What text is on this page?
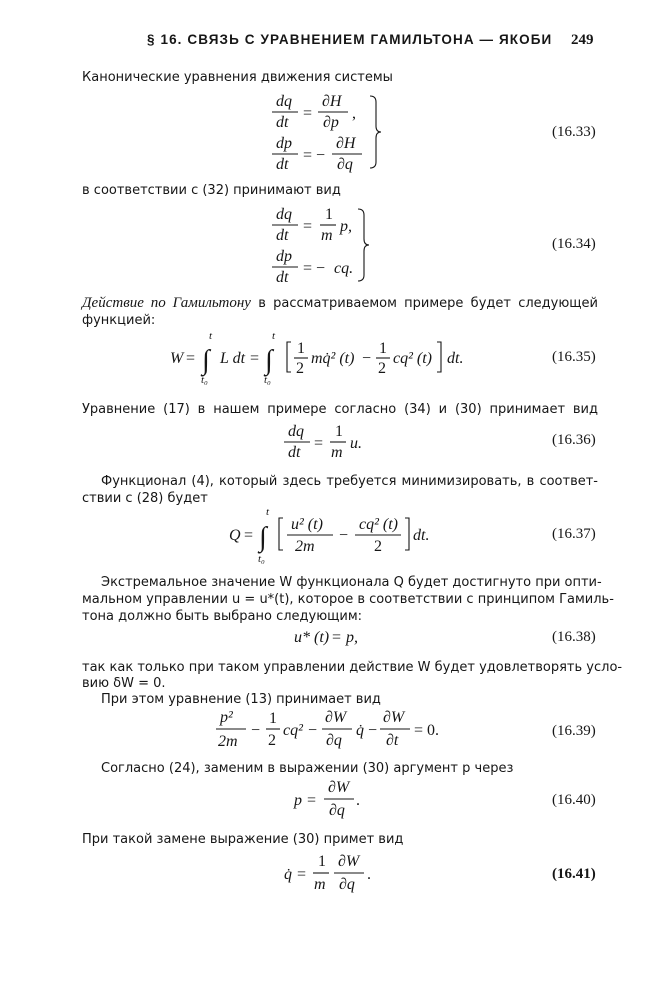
§ 16. СВЯЗЬ С УРАВНЕНИЕМ ГАМИЛЬТОНА — ЯКОБИ 249
Канонические уравнения движения системы
dq
dt
=
∂H
∂p
,
dp
dt
= −
∂H
∂q
(16.33)
в соответствии с (32) принимают вид
dq
dt
=
1
m
p,
dp
dt
= − cq.
(16.34)
Действие по Гамильтону в рассматриваемом примере будет следующей
функцией:
W = ∫
t
t₀
L dt = ∫
t
t₀
1
2
mq̇² (t) −
1
2
cq² (t) dt.	(16.35)
Уравнение (17) в нашем примере согласно (34) и (30) принимает вид
dq
dt
=
1
m
u.	(16.36)
Функционал (4), который здесь требуется минимизировать, в соответ-
ствии с (28) будет
Q = ∫
t
t₀
u² (t)
2m
−
cq² (t)
2
dt.	(16.37)
Экстремальное значение W функционала Q будет достигнуто при опти-
мальном управлении u = u*(t), которое в соответствии с принципом Гамиль-
тона должно быть выбрано следующим:
u* (t) = p,	(16.38)
так как только при таком управлении действие W будет удовлетворять усло-
вию δW = 0.
При этом уравнение (13) принимает вид
p²
2m
−
1
2
cq² −
∂W
∂q
q̇ −
∂W
∂t
= 0.	(16.39)
Согласно (24), заменим в выражении (30) аргумент p через
p =
∂W
∂q
.	(16.40)
При такой замене выражение (30) примет вид
q̇ =
1
m
∂W
∂q
.	(16.41)
